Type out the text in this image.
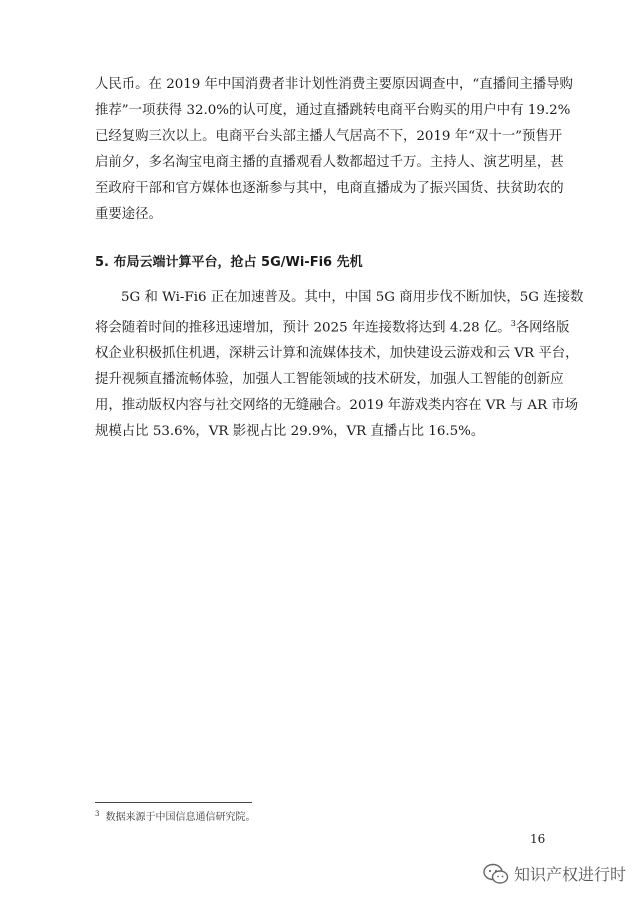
人民币。在 2019 年中国消费者非计划性消费主要原因调查中，“直播间主播导购
推荐”一项获得 32.0%的认可度，通过直播跳转电商平台购买的用户中有 19.2%
已经复购三次以上。电商平台头部主播人气居高不下，2019 年“双十一”预售开
启前夕，多名淘宝电商主播的直播观看人数都超过千万。主持人、演艺明星，甚
至政府干部和官方媒体也逐渐参与其中，电商直播成为了振兴国货、扶贫助农的
重要途径。

5. 布局云端计算平台，抢占 5G/Wi-Fi6 先机

5G 和 Wi-Fi6 正在加速普及。其中，中国 5G 商用步伐不断加快，5G 连接数
将会随着时间的推移迅速增加，预计 2025 年连接数将达到 4.28 亿。$^3$各网络版
权企业积极抓住机遇，深耕云计算和流媒体技术，加快建设云游戏和云 VR 平台，
提升视频直播流畅体验，加强人工智能领域的技术研发，加强人工智能的创新应
用，推动版权内容与社交网络的无缝融合。2019 年游戏类内容在 VR 与 AR 市场
规模占比 53.6%，VR 影视占比 29.9%，VR 直播占比 16.5%。

$^3$ 数据来源于中国信息通信研究院。
16
知识产权进行时
